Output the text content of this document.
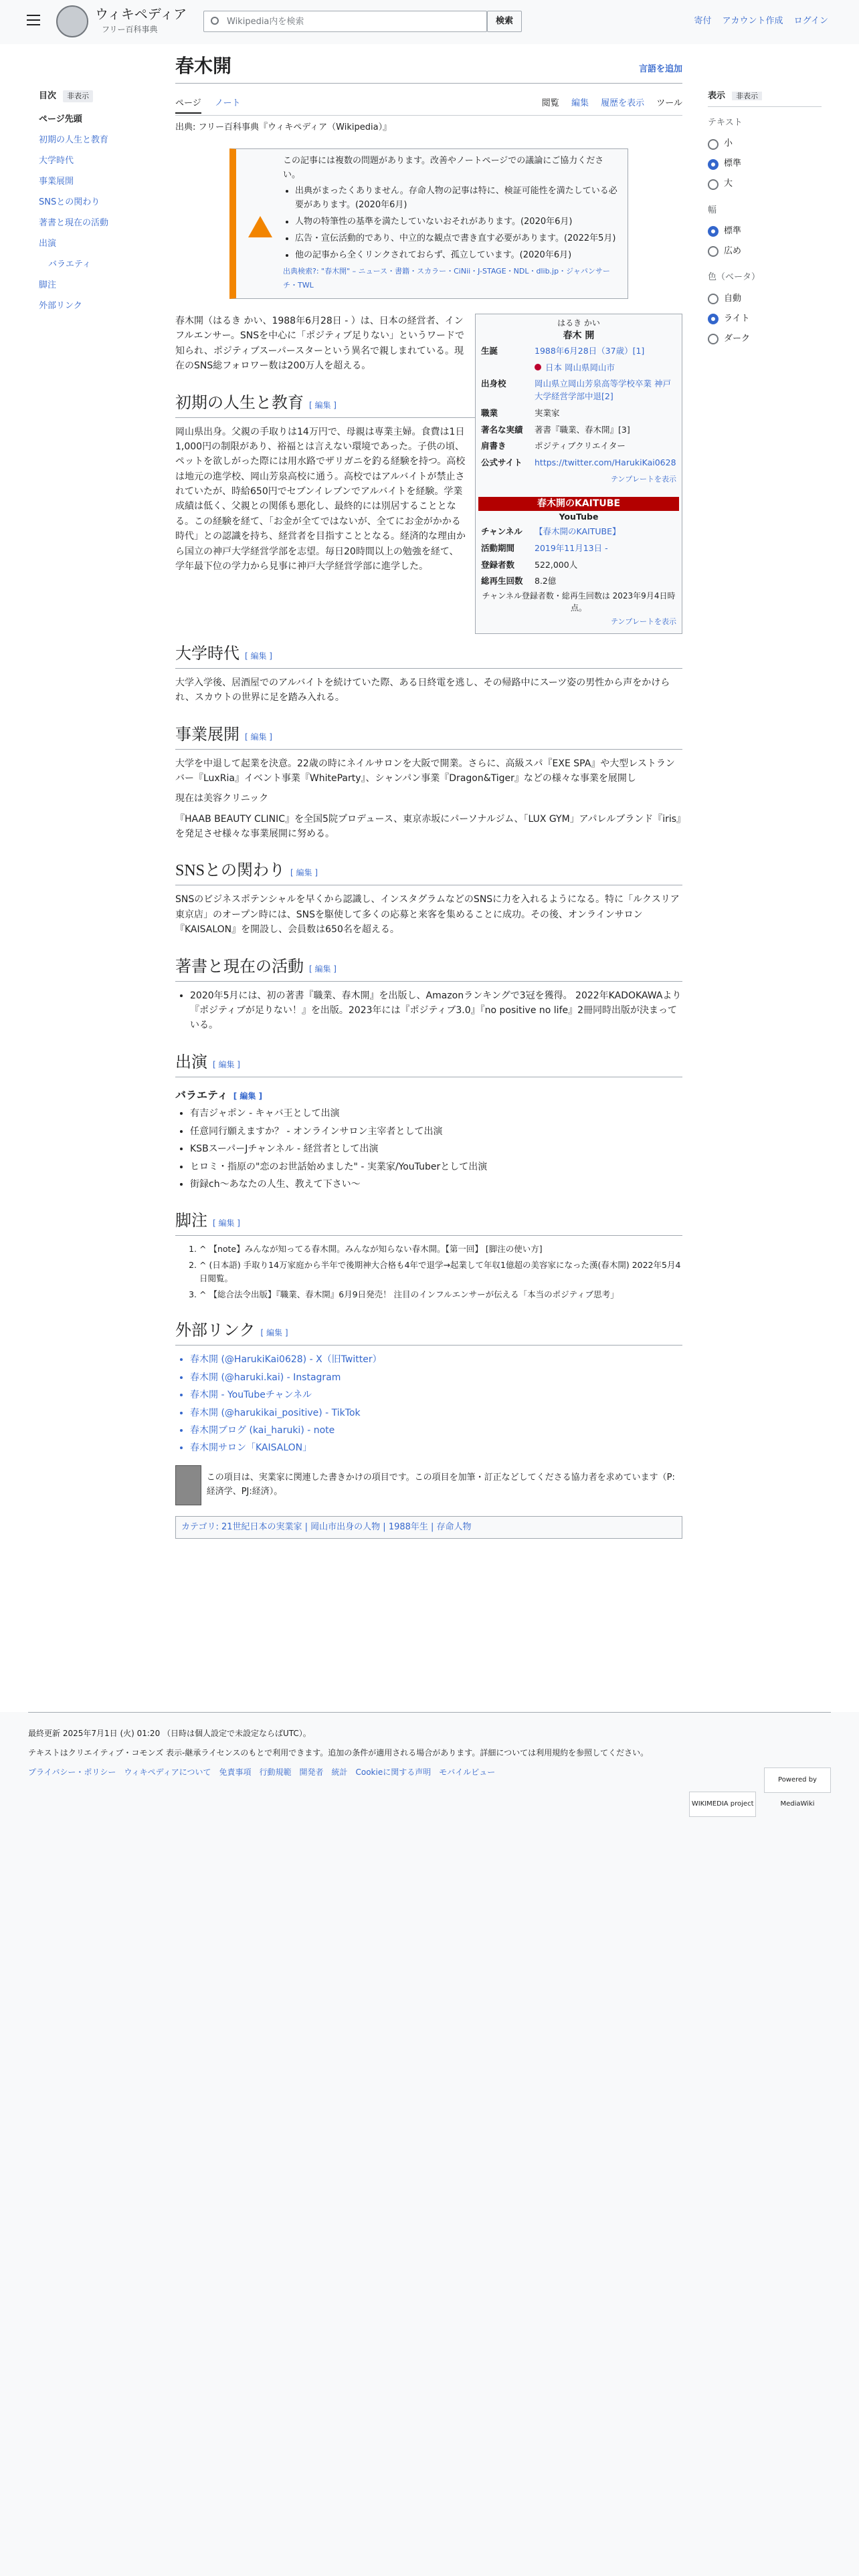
ウィキペディア
フリー百科事典
Wikipedia内を検索	検索	寄付 アカウント作成 ログイン
目次 非表示
ページ先頭
初期の人生と教育
大学時代
事業展開
SNSとの関わり
著書と現在の活動
出演
バラエティ
脚注
外部リンク
春木開	言語を追加
ページ ノート	閲覧 編集 履歴を表示 ツール
出典: フリー百科事典『ウィキペディア（Wikipedia）』
この記事には複数の問題があります。改善やノートページでの議論にご協力ください。
• 出典がまったくありません。存命人物の記事は特に、検証可能性を満たしている必要があります。(2020年6月)
• 人物の特筆性の基準を満たしていないおそれがあります。(2020年6月)
• 広告・宣伝活動的であり、中立的な観点で書き直す必要があります。(2022年5月)
• 他の記事から全くリンクされておらず、孤立しています。(2020年6月)
出典検索?: "春木開" – ニュース・書籍・スカラー・CiNii・J-STAGE・NDL・dlib.jp・ジャパンサーチ・TWL
はるき かい
春木 開
生誕	1988年6月28日（37歳）[1]
	日本 岡山県岡山市
出身校	岡山県立岡山芳泉高等学校卒業 神戸大学経営学部中退[2]
職業	実業家
著名な実績	著書『職業、春木開』[3]
肩書き	ポジティブクリエイター
公式サイト	https://twitter.com/HarukiKai0628
テンプレートを表示
春木開のKAITUBE
YouTube
チャンネル	【春木開のKAITUBE】
活動期間	2019年11月13日 -
登録者数	522,000人
総再生回数	8.2億
チャンネル登録者数・総再生回数は 2023年9月4日時点。
テンプレートを表示

春木開（はるき かい、1988年6月28日 - ）は、日本の経営者、インフルエンサー。SNSを中心に「ポジティブ足りない」というワードで知られ、ポジティブスーパースターという異名で親しまれている。現在のSNS総フォロワー数は200万人を超える。

初期の人生と教育 [ 編集 ]

岡山県出身。父親の手取りは14万円で、母親は専業主婦。食費は1日1,000円の制限があり、裕福とは言えない環境であった。子供の頃、ペットを欲しがった際には用水路でザリガニを釣る経験を持つ。高校は地元の進学校、岡山芳泉高校に通う。高校ではアルバイトが禁止されていたが、時給650円でセブンイレブンでアルバイトを経験。学業成績は低く、父親との関係も悪化し、最終的には別居することとなる。この経験を経て、「お金が全てではないが、全てにお金がかかる時代」との認識を持ち、経営者を目指すこととなる。経済的な理由から国立の神戸大学経営学部を志望。毎日20時間以上の勉強を経て、学年最下位の学力から見事に神戸大学経営学部に進学した。

大学時代 [ 編集 ]

大学入学後、居酒屋でのアルバイトを続けていた際、ある日終電を逃し、その帰路中にスーツ姿の男性から声をかけられ、スカウトの世界に足を踏み入れる。

事業展開 [ 編集 ]

大学を中退して起業を決意。22歳の時にネイルサロンを大阪で開業。さらに、高級スパ『EXE SPA』や大型レストランバー『LuxRia』イベント事業『WhiteParty』、シャンパン事業『Dragon&Tiger』などの様々な事業を展開し

現在は美容クリニック

『HAAB BEAUTY CLINIC』を全国5院プロデュース、東京赤坂にパーソナルジム、「LUX GYM」アパレルブランド『iris』を発足させ様々な事業展開に努める。

SNSとの関わり [ 編集 ]

SNSのビジネスポテンシャルを早くから認識し、インスタグラムなどのSNSに力を入れるようになる。特に「ルクスリア東京店」のオープン時には、SNSを駆使して多くの応募と来客を集めることに成功。その後、オンラインサロン『KAISALON』を開設し、会員数は650名を超える。

著書と現在の活動 [ 編集 ]
• 2020年5月には、初の著書『職業、春木開』を出版し、Amazonランキングで3冠を獲得。 2022年KADOKAWAより『ポジティブが足りない！』を出版。2023年には『ポジティブ3.0』『no positive no life』2冊同時出版が決まっている。
出演 [ 編集 ]
バラエティ [ 編集 ]
• 有吉ジャポン - キャバ王として出演
• 任意同行願えますか？ - オンラインサロン主宰者として出演
• KSBスーパーJチャンネル - 経営者として出演
• ヒロミ・指原の"恋のお世話始めました" - 実業家/YouTuberとして出演
• 街録ch〜あなたの人生、教えて下さい〜
脚注 [ 編集 ]
1. ^ 【note】みんなが知ってる春木開。みんなが知らない春木開。【第一回】 [脚注の使い方]
2. ^ (日本語) 手取り14万家庭から半年で後期神大合格も4年で退学→起業して年収1億超の美容家になった漢(春木開) 2022年5月4日閲覧。
3. ^ 【総合法令出版】『職業、春木開』6月9日発売！ 注目のインフルエンサーが伝える「本当のポジティブ思考」
外部リンク [ 編集 ]
• 春木開 (@HarukiKai0628) - X（旧Twitter）
• 春木開 (@haruki.kai) - Instagram
• 春木開 - YouTubeチャンネル
• 春木開 (@harukikai_positive) - TikTok
• 春木開ブログ (kai_haruki) - note
• 春木開サロン「KAISALON」
この項目は、実業家に関連した書きかけの項目です。この項目を加筆・訂正などしてくださる協力者を求めています（P:経済学、PJ:経済）。
カテゴリ: 21世紀日本の実業家 | 岡山市出身の人物 | 1988年生 | 存命人物
表示 非表示
テキスト
小
標準
大
幅
標準
広め
色（ベータ）
自動
ライト
ダーク
最終更新 2025年7月1日 (火) 01:20 （日時は個人設定で未設定ならばUTC）。
テキストはクリエイティブ・コモンズ 表示-継承ライセンスのもとで利用できます。追加の条件が適用される場合があります。詳細については利用規約を参照してください。
プライバシー・ポリシー　ウィキペディアについて　免責事項　行動規範　開発者　統計　Cookieに関する声明　モバイルビュー
WIKIMEDIA project Powered by MediaWiki
